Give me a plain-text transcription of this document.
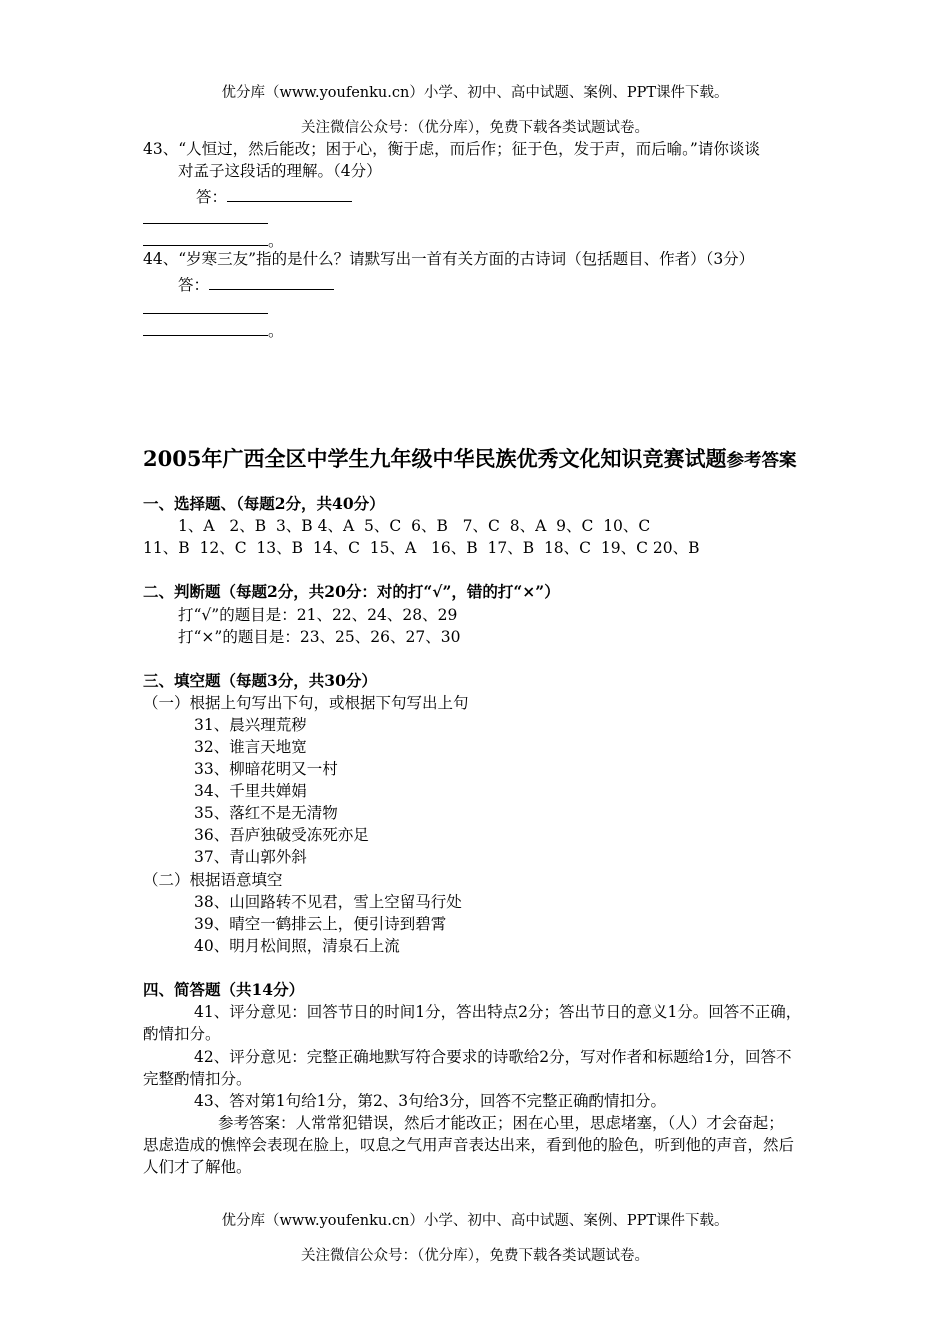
优分库（www.youfenku.cn）小学、初中、高中试题、案例、PPT课件下载。
关注微信公众号：（优分库），免费下载各类试题试卷。
43、“人恒过，然后能改；困于心，衡于虑，而后作；征于色，发于声，而后喻。”请你谈谈
对孟子这段话的理解。（4分）
答：
。
44、“岁寒三友”指的是什么？请默写出一首有关方面的古诗词（包括题目、作者）（3分）
答：
。
2005年广西全区中学生九年级中华民族优秀文化知识竞赛试题参考答案
一、选择题、（每题2分，共40分）
1、A   2、B  3、B 4、A  5、C  6、B   7、C  8、A  9、C  10、C
11、B  12、C  13、B  14、C  15、A   16、B  17、B  18、C  19、C 20、B
二、判断题（每题2分，共20分：对的打“√”，错的打“×”）
打“√”的题目是：21、22、24、28、29
打“×”的题目是：23、25、26、27、30
三、填空题（每题3分，共30分）
（一）根据上句写出下句，或根据下句写出上句
31、晨兴理荒秽
32、谁言天地宽
33、柳暗花明又一村
34、千里共婵娟
35、落红不是无清物
36、吾庐独破受冻死亦足
37、青山郭外斜
（二）根据语意填空
38、山回路转不见君，雪上空留马行处
39、晴空一鹤排云上，便引诗到碧霄
40、明月松间照，清泉石上流
四、简答题（共14分）
41、评分意见：回答节日的时间1分，答出特点2分；答出节日的意义1分。回答不正确，
酌情扣分。
42、评分意见：完整正确地默写符合要求的诗歌给2分，写对作者和标题给1分，回答不
完整酌情扣分。
43、答对第1句给1分，第2、3句给3分，回答不完整正确酌情扣分。
参考答案：人常常犯错误，然后才能改正；困在心里，思虑堵塞，（人）才会奋起；
思虑造成的憔悴会表现在脸上，叹息之气用声音表达出来，看到他的脸色，听到他的声音，然后
人们才了解他。
优分库（www.youfenku.cn）小学、初中、高中试题、案例、PPT课件下载。
关注微信公众号：（优分库），免费下载各类试题试卷。
